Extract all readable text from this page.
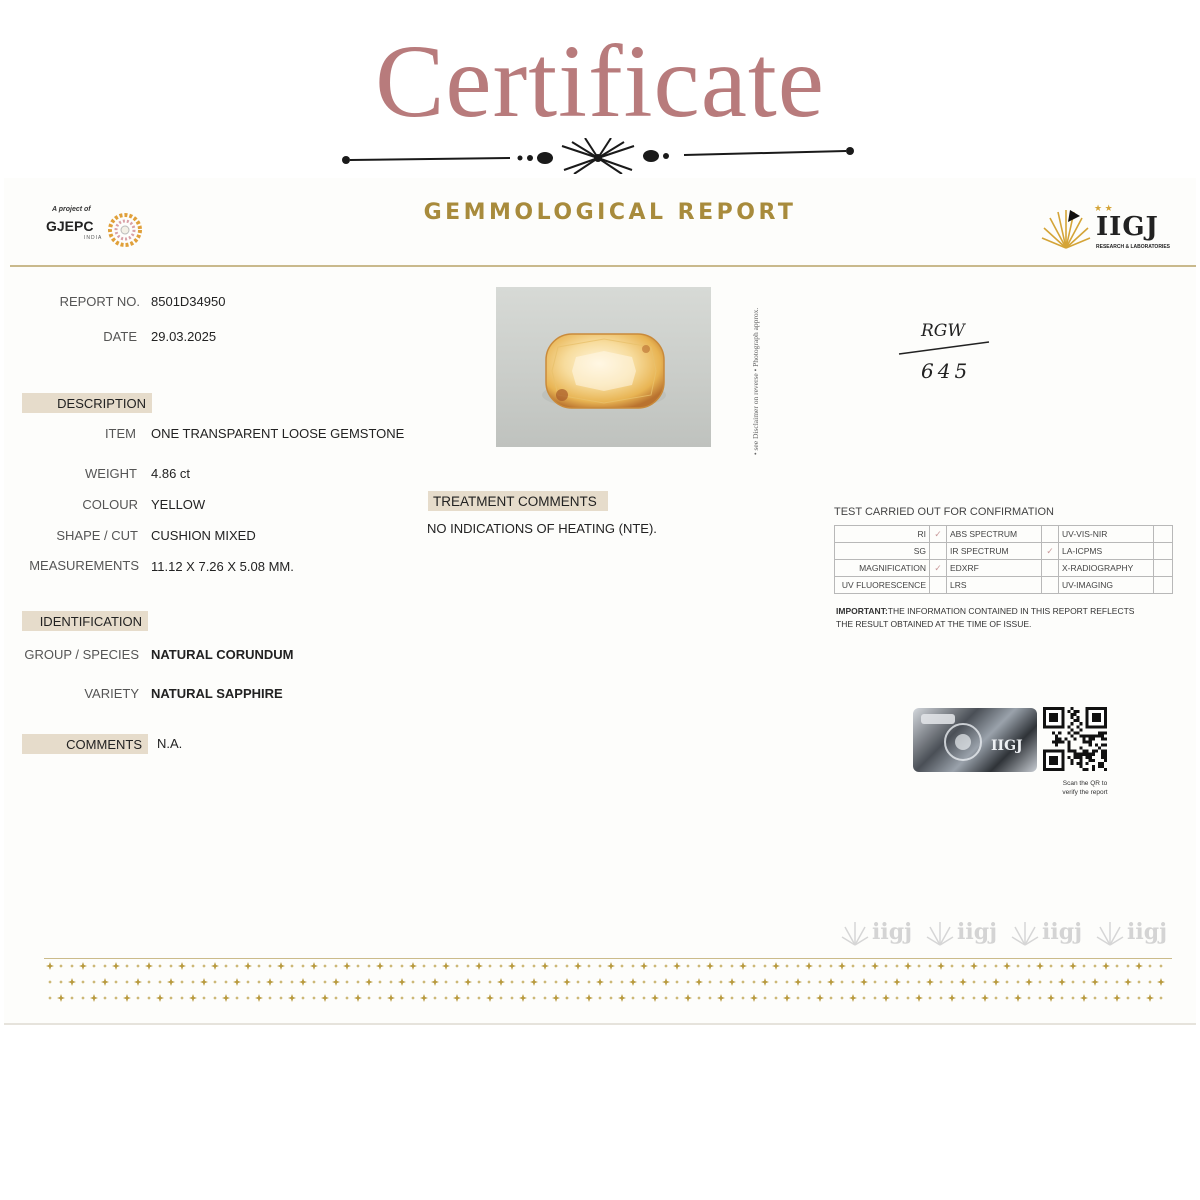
Certificate
A project of
GJEPC
INDIA
GEMMOLOGICAL REPORT	★ ★
IIGJ
RESEARCH & LABORATORIES
REPORT NO. 8501D34950
DATE 29.03.2025
DESCRIPTION
ITEM ONE TRANSPARENT LOOSE GEMSTONE
WEIGHT 4.86 ct
COLOUR YELLOW
SHAPE / CUT CUSHION MIXED
MEASUREMENTS 11.12 X 7.26 X 5.08 MM.
IDENTIFICATION
GROUP / SPECIES NATURAL CORUNDUM
VARIETY NATURAL SAPPHIRE
COMMENTS	N.A.
• see Disclaimer on reverse • Photograph approx.	RGW
645
TREATMENT COMMENTS
NO INDICATIONS OF HEATING (NTE).
TEST CARRIED OUT FOR CONFIRMATION
RI	✓	ABS SPECTRUM		UV-VIS-NIR	
SG		IR SPECTRUM	✓	LA-ICPMS	
MAGNIFICATION	✓	EDXRF		X-RADIOGRAPHY	
UV FLUORESCENCE		LRS		UV-IMAGING	
IMPORTANT:THE INFORMATION CONTAINED IN THIS REPORT REFLECTS THE RESULT OBTAINED AT THE TIME OF ISSUE.
IIGJ
Scan the QR to
verify the report
iigj iigj iigj iigj
